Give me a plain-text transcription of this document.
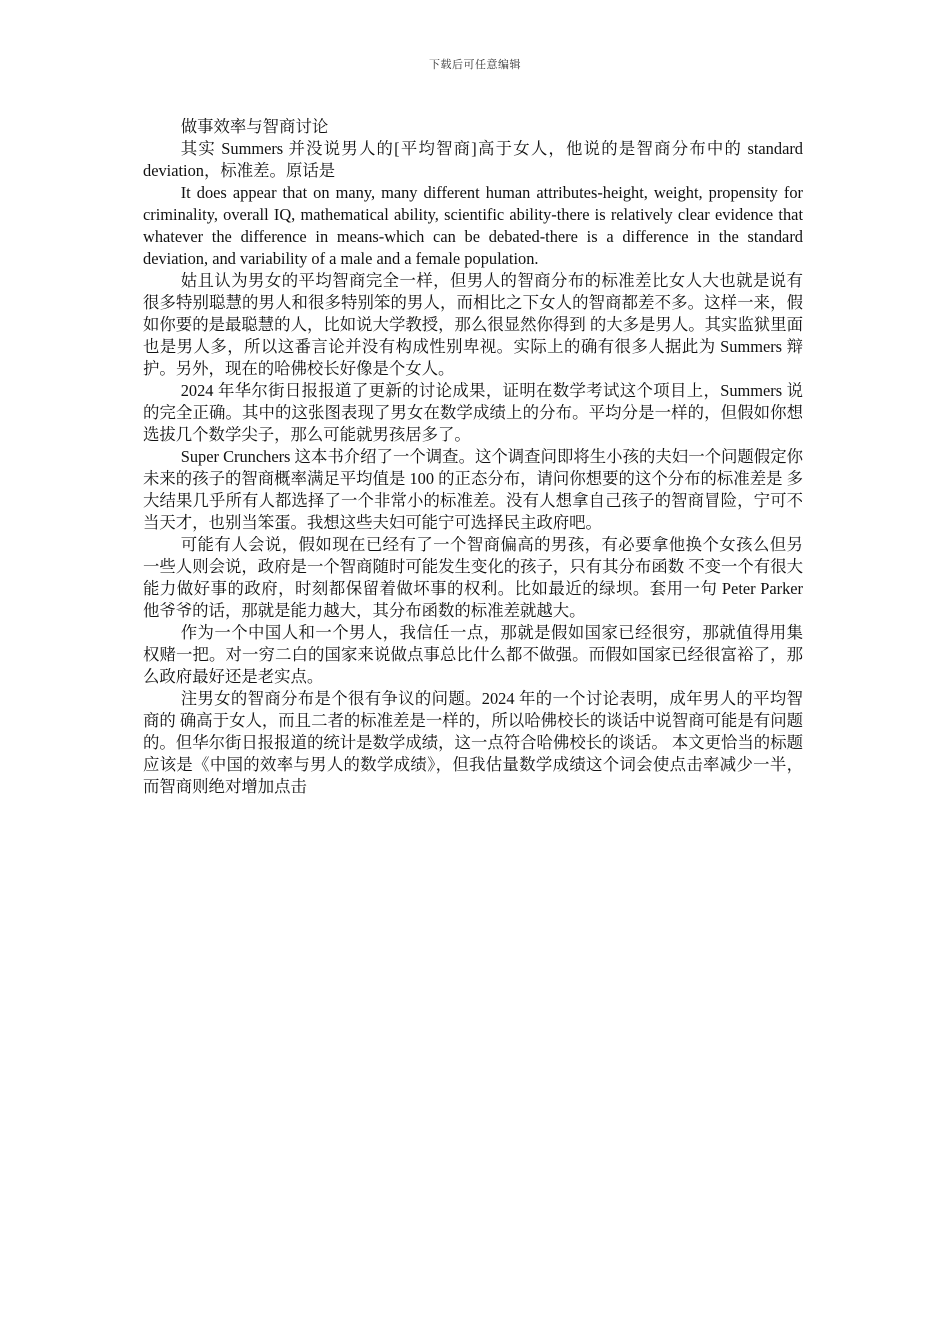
下载后可任意编辑

做事效率与智商讨论

其实 Summers 并没说男人的[平均智商]高于女人，他说的是智商分布中的 standard deviation，标准差。原话是

It does appear that on many, many different human attributes-height, weight, propensity for criminality, overall IQ, mathematical ability, scientific ability-there is relatively clear evidence that whatever the difference in means-which can be debated-there is a difference in the standard deviation, and variability of a male and a female population.

姑且认为男女的平均智商完全一样，但男人的智商分布的标准差比女人大也就是说有很多特别聪慧的男人和很多特别笨的男人，而相比之下女人的智商都差不多。这样一来，假如你要的是最聪慧的人，比如说大学教授，那么很显然你得到 的大多是男人。其实监狱里面也是男人多，所以这番言论并没有构成性别卑视。实际上的确有很多人据此为 Summers 辩护。另外，现在的哈佛校长好像是个女人。

2024 年华尔街日报报道了更新的讨论成果，证明在数学考试这个项目上，Summers 说的完全正确。其中的这张图表现了男女在数学成绩上的分布。平均分是一样的，但假如你想选拔几个数学尖子，那么可能就男孩居多了。

Super Crunchers 这本书介绍了一个调查。这个调查问即将生小孩的夫妇一个问题假定你未来的孩子的智商概率满足平均值是 100 的正态分布，请问你想要的这个分布的标准差是 多大结果几乎所有人都选择了一个非常小的标准差。没有人想拿自己孩子的智商冒险，宁可不当天才，也别当笨蛋。我想这些夫妇可能宁可选择民主政府吧。

可能有人会说，假如现在已经有了一个智商偏高的男孩，有必要拿他换个女孩么但另一些人则会说，政府是一个智商随时可能发生变化的孩子，只有其分布函数 不变一个有很大能力做好事的政府，时刻都保留着做坏事的权利。比如最近的绿坝。套用一句 Peter Parker 他爷爷的话，那就是能力越大，其分布函数的标准差就越大。

作为一个中国人和一个男人，我信任一点，那就是假如国家已经很穷，那就值得用集权赌一把。对一穷二白的国家来说做点事总比什么都不做强。而假如国家已经很富裕了，那么政府最好还是老实点。

注男女的智商分布是个很有争议的问题。2024 年的一个讨论表明，成年男人的平均智商的 确高于女人，而且二者的标准差是一样的，所以哈佛校长的谈话中说智商可能是有问题的。但华尔街日报报道的统计是数学成绩，这一点符合哈佛校长的谈话。 本文更恰当的标题应该是《中国的效率与男人的数学成绩》，但我估量数学成绩这个词会使点击率减少一半，而智商则绝对增加点击
